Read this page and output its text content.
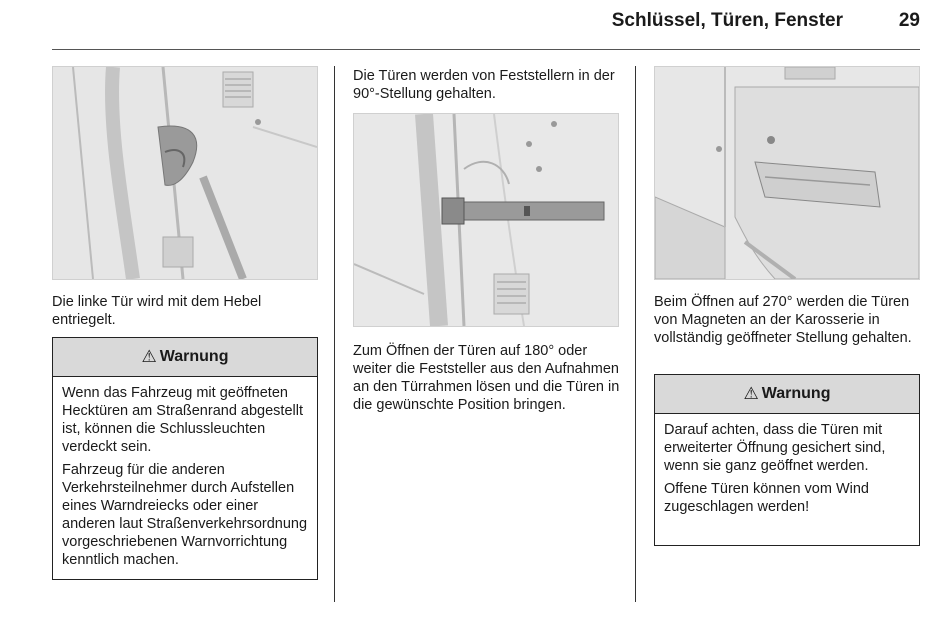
Schlüssel, Türen, Fenster	29

Die linke Tür wird mit dem Hebel entriegelt.

⚠ Warnung

Wenn das Fahrzeug mit geöffneten Hecktüren am Straßenrand abgestellt ist, können die Schlussleuchten verdeckt sein.

Fahrzeug für die anderen Verkehrsteilnehmer durch Aufstellen eines Warndreiecks oder einer anderen laut Straßenverkehrsordnung vorgeschriebenen Warnvorrichtung kenntlich machen.

Die Türen werden von Feststellern in der 90°-Stellung gehalten.

Zum Öffnen der Türen auf 180° oder weiter die Feststeller aus den Aufnahmen an den Türrahmen lösen und die Türen in die gewünschte Position bringen.

Beim Öffnen auf 270° werden die Türen von Magneten an der Karosserie in vollständig geöffneter Stellung gehalten.

⚠ Warnung

Darauf achten, dass die Türen mit erweiterter Öffnung gesichert sind, wenn sie ganz geöffnet werden.

Offene Türen können vom Wind zugeschlagen werden!
